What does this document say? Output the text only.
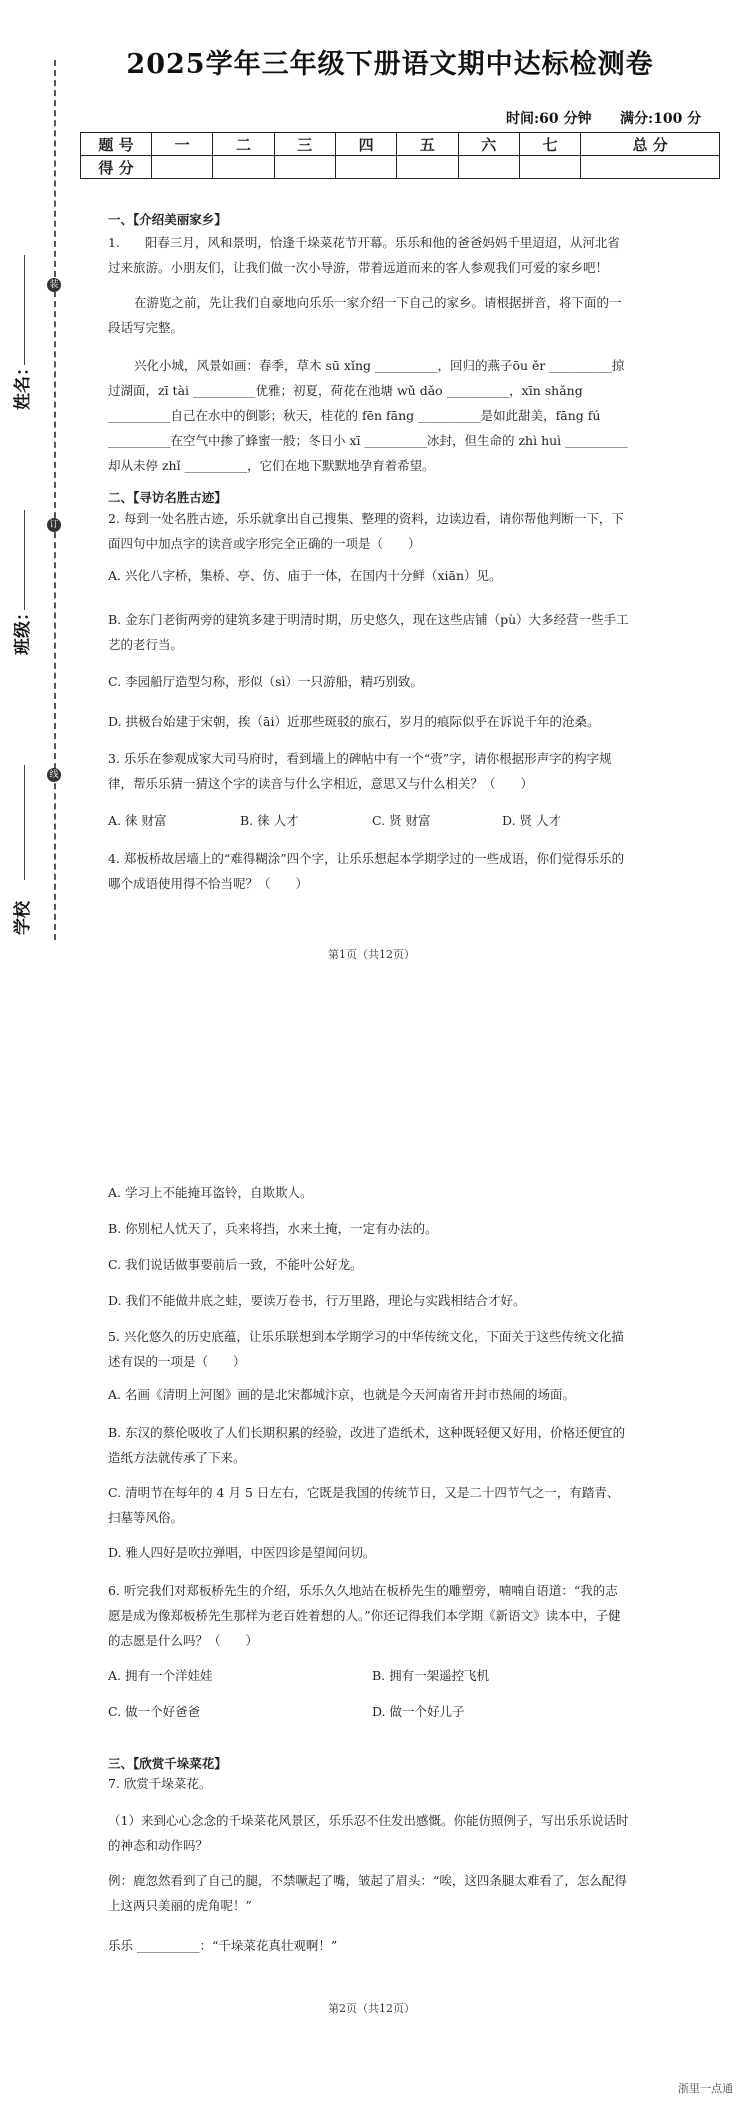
装
订
线
姓名：
班级：
学校
2025学年三年级下册语文期中达标检测卷
时间:60 分钟 满分:100 分
题 号	一	二	三	四	五	六	七	总 分
得 分								
一、【介绍美丽家乡】
1.　　阳春三月，风和景明，恰逢千垛菜花节开幕。乐乐和他的爸爸妈妈千里迢迢，从河北省过来旅游。小朋友们，让我们做一次小导游，带着远道而来的客人参观我们可爱的家乡吧！
在游览之前，先让我们自豪地向乐乐一家介绍一下自己的家乡。请根据拼音，将下面的一段话写完整。
兴化小城，风景如画：春季，草木 sū xǐng __________，回归的燕子ōu ěr __________掠过湖面，zī tài __________优雅；初夏，荷花在池塘 wǔ dǎo __________，xīn shǎng __________自己在水中的倒影；秋天，桂花的 fēn fāng __________是如此甜美，fāng fú __________在空气中掺了蜂蜜一般；冬日小 xī __________冰封，但生命的 zhì huì __________却从未停 zhǐ __________，它们在地下默默地孕育着希望。
二、【寻访名胜古迹】
2. 每到一处名胜古迹，乐乐就拿出自己搜集、整理的资料，边读边看，请你帮他判断一下，下面四句中加点字的读音或字形完全正确的一项是（　　）
A. 兴化八字桥，集桥、亭、仿、庙于一体，在国内十分鲜（xiān）见。
B. 金东门老街两旁的建筑多建于明清时期，历史悠久，现在这些店铺（pù）大多经营一些手工艺的老行当。
C. 李园船厅造型匀称，形似（sì）一只游船，精巧别致。
D. 拱极台始建于宋朝，挨（āi）近那些斑驳的旅石，岁月的痕际似乎在诉说千年的沧桑。
3. 乐乐在参观成家大司马府时，看到墙上的碑帖中有一个“赍”字，请你根据形声字的构字规律，帮乐乐猜一猜这个字的读音与什么字相近，意思又与什么相关？（　　）
A. 徕 财富	B. 徕 人才	C. 贤 财富	D. 贤 人才
4. 郑板桥故居墙上的“难得糊涂”四个字，让乐乐想起本学期学过的一些成语，你们觉得乐乐的哪个成语使用得不恰当呢？（　　）
第1页（共12页）
A. 学习上不能掩耳盗铃，自欺欺人。
B. 你别杞人忧天了，兵来将挡，水来土掩，一定有办法的。
C. 我们说话做事要前后一致，不能叶公好龙。
D. 我们不能做井底之蛙，要读万卷书，行万里路，理论与实践相结合才好。
5. 兴化悠久的历史底蕴，让乐乐联想到本学期学习的中华传统文化，下面关于这些传统文化描述有误的一项是（　　）
A. 名画《清明上河图》画的是北宋都城汴京，也就是今天河南省开封市热闹的场面。
B. 东汉的蔡伦吸收了人们长期积累的经验，改进了造纸术，这种既轻便又好用，价格还便宜的造纸方法就传承了下来。
C. 清明节在每年的 4 月 5 日左右，它既是我国的传统节日，又是二十四节气之一，有踏青、扫墓等风俗。
D. 雅人四好是吹拉弹唱，中医四诊是望闻问切。
6. 听完我们对郑板桥先生的介绍，乐乐久久地站在板桥先生的雕塑旁，喃喃自语道：“我的志愿是成为像郑板桥先生那样为老百姓着想的人。”你还记得我们本学期《新语文》读本中，子健的志愿是什么吗？（　　）
A. 拥有一个洋娃娃	B. 拥有一架遥控飞机
C. 做一个好爸爸	D. 做一个好儿子
三、【欣赏千垛菜花】
7. 欣赏千垛菜花。
（1）来到心心念念的千垛菜花风景区，乐乐忍不住发出感慨。你能仿照例子，写出乐乐说话时的神态和动作吗？
例：鹿忽然看到了自己的腿，不禁噘起了嘴，皱起了眉头：“唉，这四条腿太难看了，怎么配得上这两只美丽的虎角呢！”
乐乐 __________：“千垛菜花真壮观啊！”
第2页（共12页）
浙里一点通
